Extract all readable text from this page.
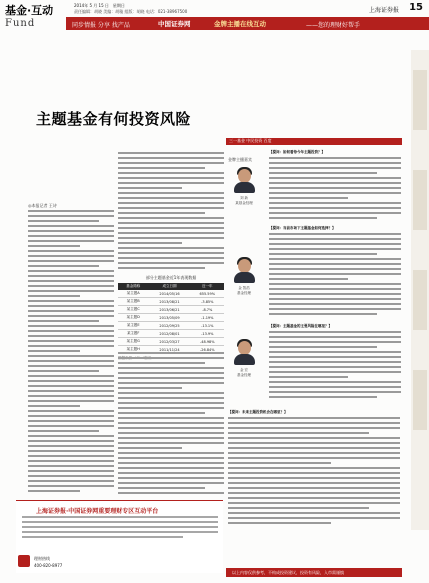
基金·互动
Fund
2014年 5 月 15 日　星期日
责任编辑：胡晓 美编：胡璇 组版：胡晓 电话：021-38967500	上海证券报 15
同步情报 分享 找产品	中国证券网	金牌主播在线互动	——您的理财好帮手
主题基金有何投资风险
◎本报记者 王诗
部分主题基金近1年表现数据
基金简称	成立日期	近一年
某主题A	2014/05/16	655.59%
某主题B	2013/08/21	-3.85%
某主题C	2013/06/21	-8.7%
某主题D	2013/05/09	-1.19%
某主题E	2012/09/25	-13.1%
某主题F	2012/08/01	-13.9%
某主题G	2012/03/27	-48.98%
某主题H	2011/11/24	-26.84%
三一基金 中民投资 百度
金牌主播嘉宾
刘 新
某基金经理
金 智浩
基金经理
金 宏
基金经理
【提问：如何看待今年主题投资？】
【提问：当前市场下主题基金如何选择？】
【提问：主题基金的主要风险在哪里？】
【提问：未来主题投资机会在哪里？】
上海证券报·中国证券网重要理财专区互动平台
理财热线
400-820-8977
以上内容仅供参考，不构成投资建议，投资有风险，入市需谨慎
